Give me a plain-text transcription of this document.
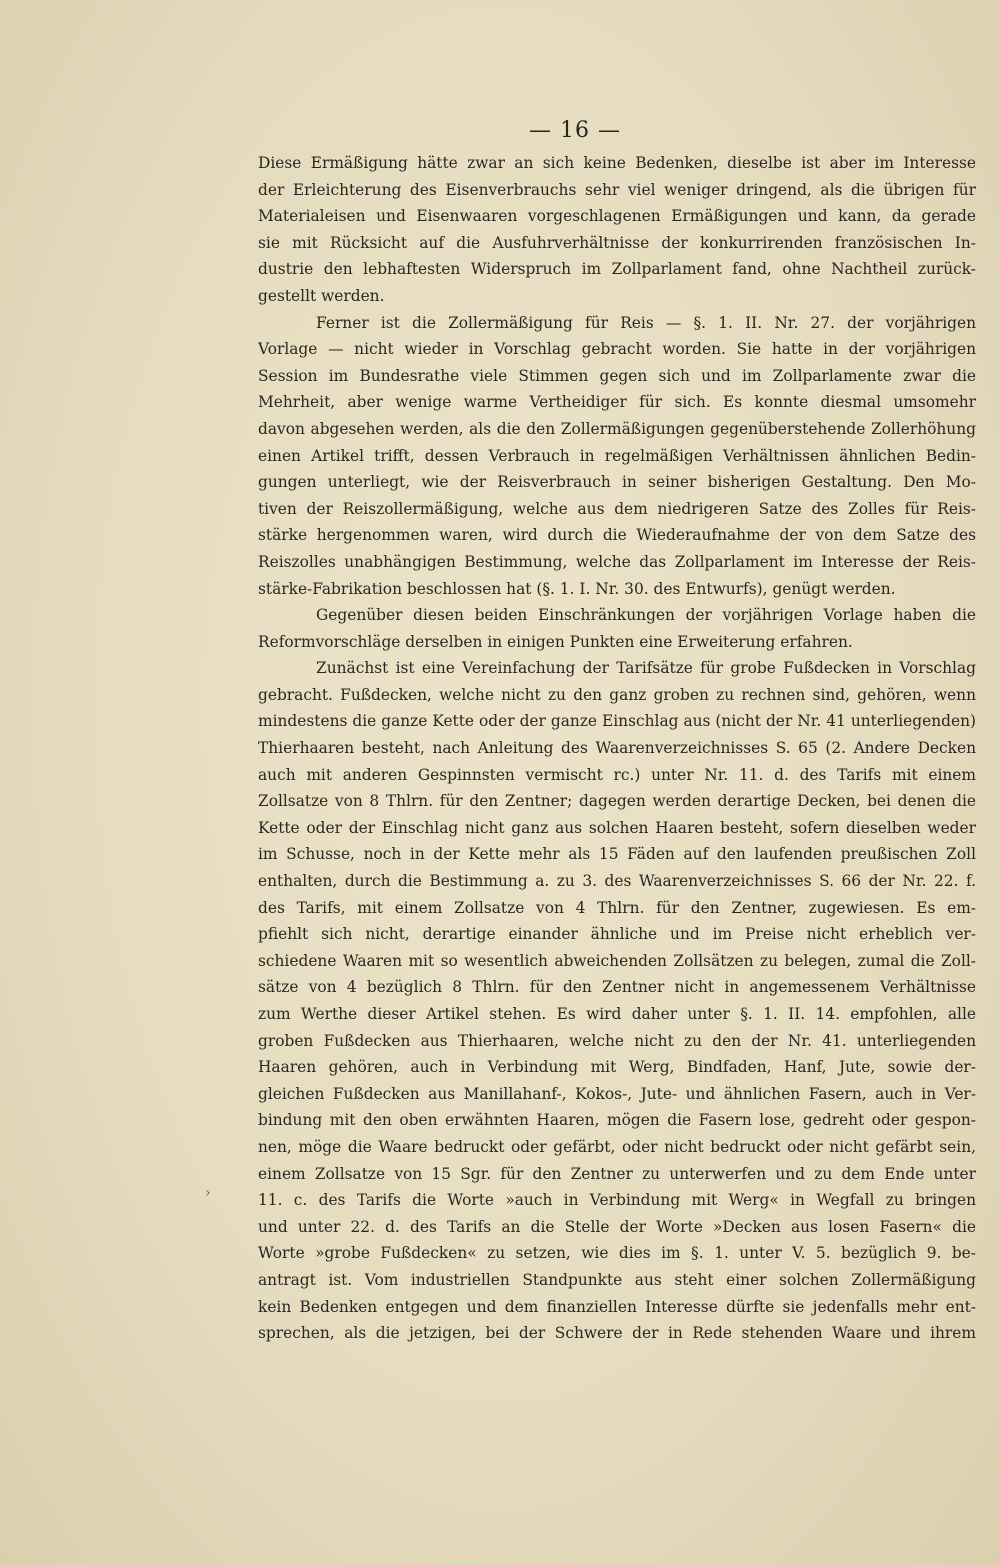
— 16 —
Diese Ermäßigung hätte zwar an sich keine Bedenken, dieselbe ist aber im Interesse
der Erleichterung des Eisenverbrauchs sehr viel weniger dringend, als die übrigen für
Materialeisen und Eisenwaaren vorgeschlagenen Ermäßigungen und kann, da gerade
sie mit Rücksicht auf die Ausfuhrverhältnisse der konkurrirenden französischen In-
dustrie den lebhaftesten Widerspruch im Zollparlament fand, ohne Nachtheil zurück-
gestellt werden.
Ferner ist die Zollermäßigung für Reis — §. 1. II. Nr. 27. der vorjährigen
Vorlage — nicht wieder in Vorschlag gebracht worden. Sie hatte in der vorjährigen
Session im Bundesrathe viele Stimmen gegen sich und im Zollparlamente zwar die
Mehrheit, aber wenige warme Vertheidiger für sich. Es konnte diesmal umsomehr
davon abgesehen werden, als die den Zollermäßigungen gegenüberstehende Zollerhöhung
einen Artikel trifft, dessen Verbrauch in regelmäßigen Verhältnissen ähnlichen Bedin-
gungen unterliegt, wie der Reisverbrauch in seiner bisherigen Gestaltung. Den Mo-
tiven der Reiszollermäßigung, welche aus dem niedrigeren Satze des Zolles für Reis-
stärke hergenommen waren, wird durch die Wiederaufnahme der von dem Satze des
Reiszolles unabhängigen Bestimmung, welche das Zollparlament im Interesse der Reis-
stärke-Fabrikation beschlossen hat (§. 1. I. Nr. 30. des Entwurfs), genügt werden.
Gegenüber diesen beiden Einschränkungen der vorjährigen Vorlage haben die
Reformvorschläge derselben in einigen Punkten eine Erweiterung erfahren.
Zunächst ist eine Vereinfachung der Tarifsätze für grobe Fußdecken in Vorschlag
gebracht. Fußdecken, welche nicht zu den ganz groben zu rechnen sind, gehören, wenn
mindestens die ganze Kette oder der ganze Einschlag aus (nicht der Nr. 41 unterliegenden)
Thierhaaren besteht, nach Anleitung des Waarenverzeichnisses S. 65 (2. Andere Decken
auch mit anderen Gespinnsten vermischt rc.) unter Nr. 11. d. des Tarifs mit einem
Zollsatze von 8 Thlrn. für den Zentner; dagegen werden derartige Decken, bei denen die
Kette oder der Einschlag nicht ganz aus solchen Haaren besteht, sofern dieselben weder
im Schusse, noch in der Kette mehr als 15 Fäden auf den laufenden preußischen Zoll
enthalten, durch die Bestimmung a. zu 3. des Waarenverzeichnisses S. 66 der Nr. 22. f.
des Tarifs, mit einem Zollsatze von 4 Thlrn. für den Zentner, zugewiesen. Es em-
pfiehlt sich nicht, derartige einander ähnliche und im Preise nicht erheblich ver-
schiedene Waaren mit so wesentlich abweichenden Zollsätzen zu belegen, zumal die Zoll-
sätze von 4 bezüglich 8 Thlrn. für den Zentner nicht in angemessenem Verhältnisse
zum Werthe dieser Artikel stehen. Es wird daher unter §. 1. II. 14. empfohlen, alle
groben Fußdecken aus Thierhaaren, welche nicht zu den der Nr. 41. unterliegenden
Haaren gehören, auch in Verbindung mit Werg, Bindfaden, Hanf, Jute, sowie der-
gleichen Fußdecken aus Manillahanf-, Kokos-, Jute- und ähnlichen Fasern, auch in Ver-
bindung mit den oben erwähnten Haaren, mögen die Fasern lose, gedreht oder gespon-
nen, möge die Waare bedruckt oder gefärbt, oder nicht bedruckt oder nicht gefärbt sein,
einem Zollsatze von 15 Sgr. für den Zentner zu unterwerfen und zu dem Ende unter
11. c. des Tarifs die Worte »auch in Verbindung mit Werg« in Wegfall zu bringen
und unter 22. d. des Tarifs an die Stelle der Worte »Decken aus losen Fasern« die
Worte »grobe Fußdecken« zu setzen, wie dies im §. 1. unter V. 5. bezüglich 9. be-
antragt ist. Vom industriellen Standpunkte aus steht einer solchen Zollermäßigung
kein Bedenken entgegen und dem finanziellen Interesse dürfte sie jedenfalls mehr ent-
sprechen, als die jetzigen, bei der Schwere der in Rede stehenden Waare und ihrem
›
